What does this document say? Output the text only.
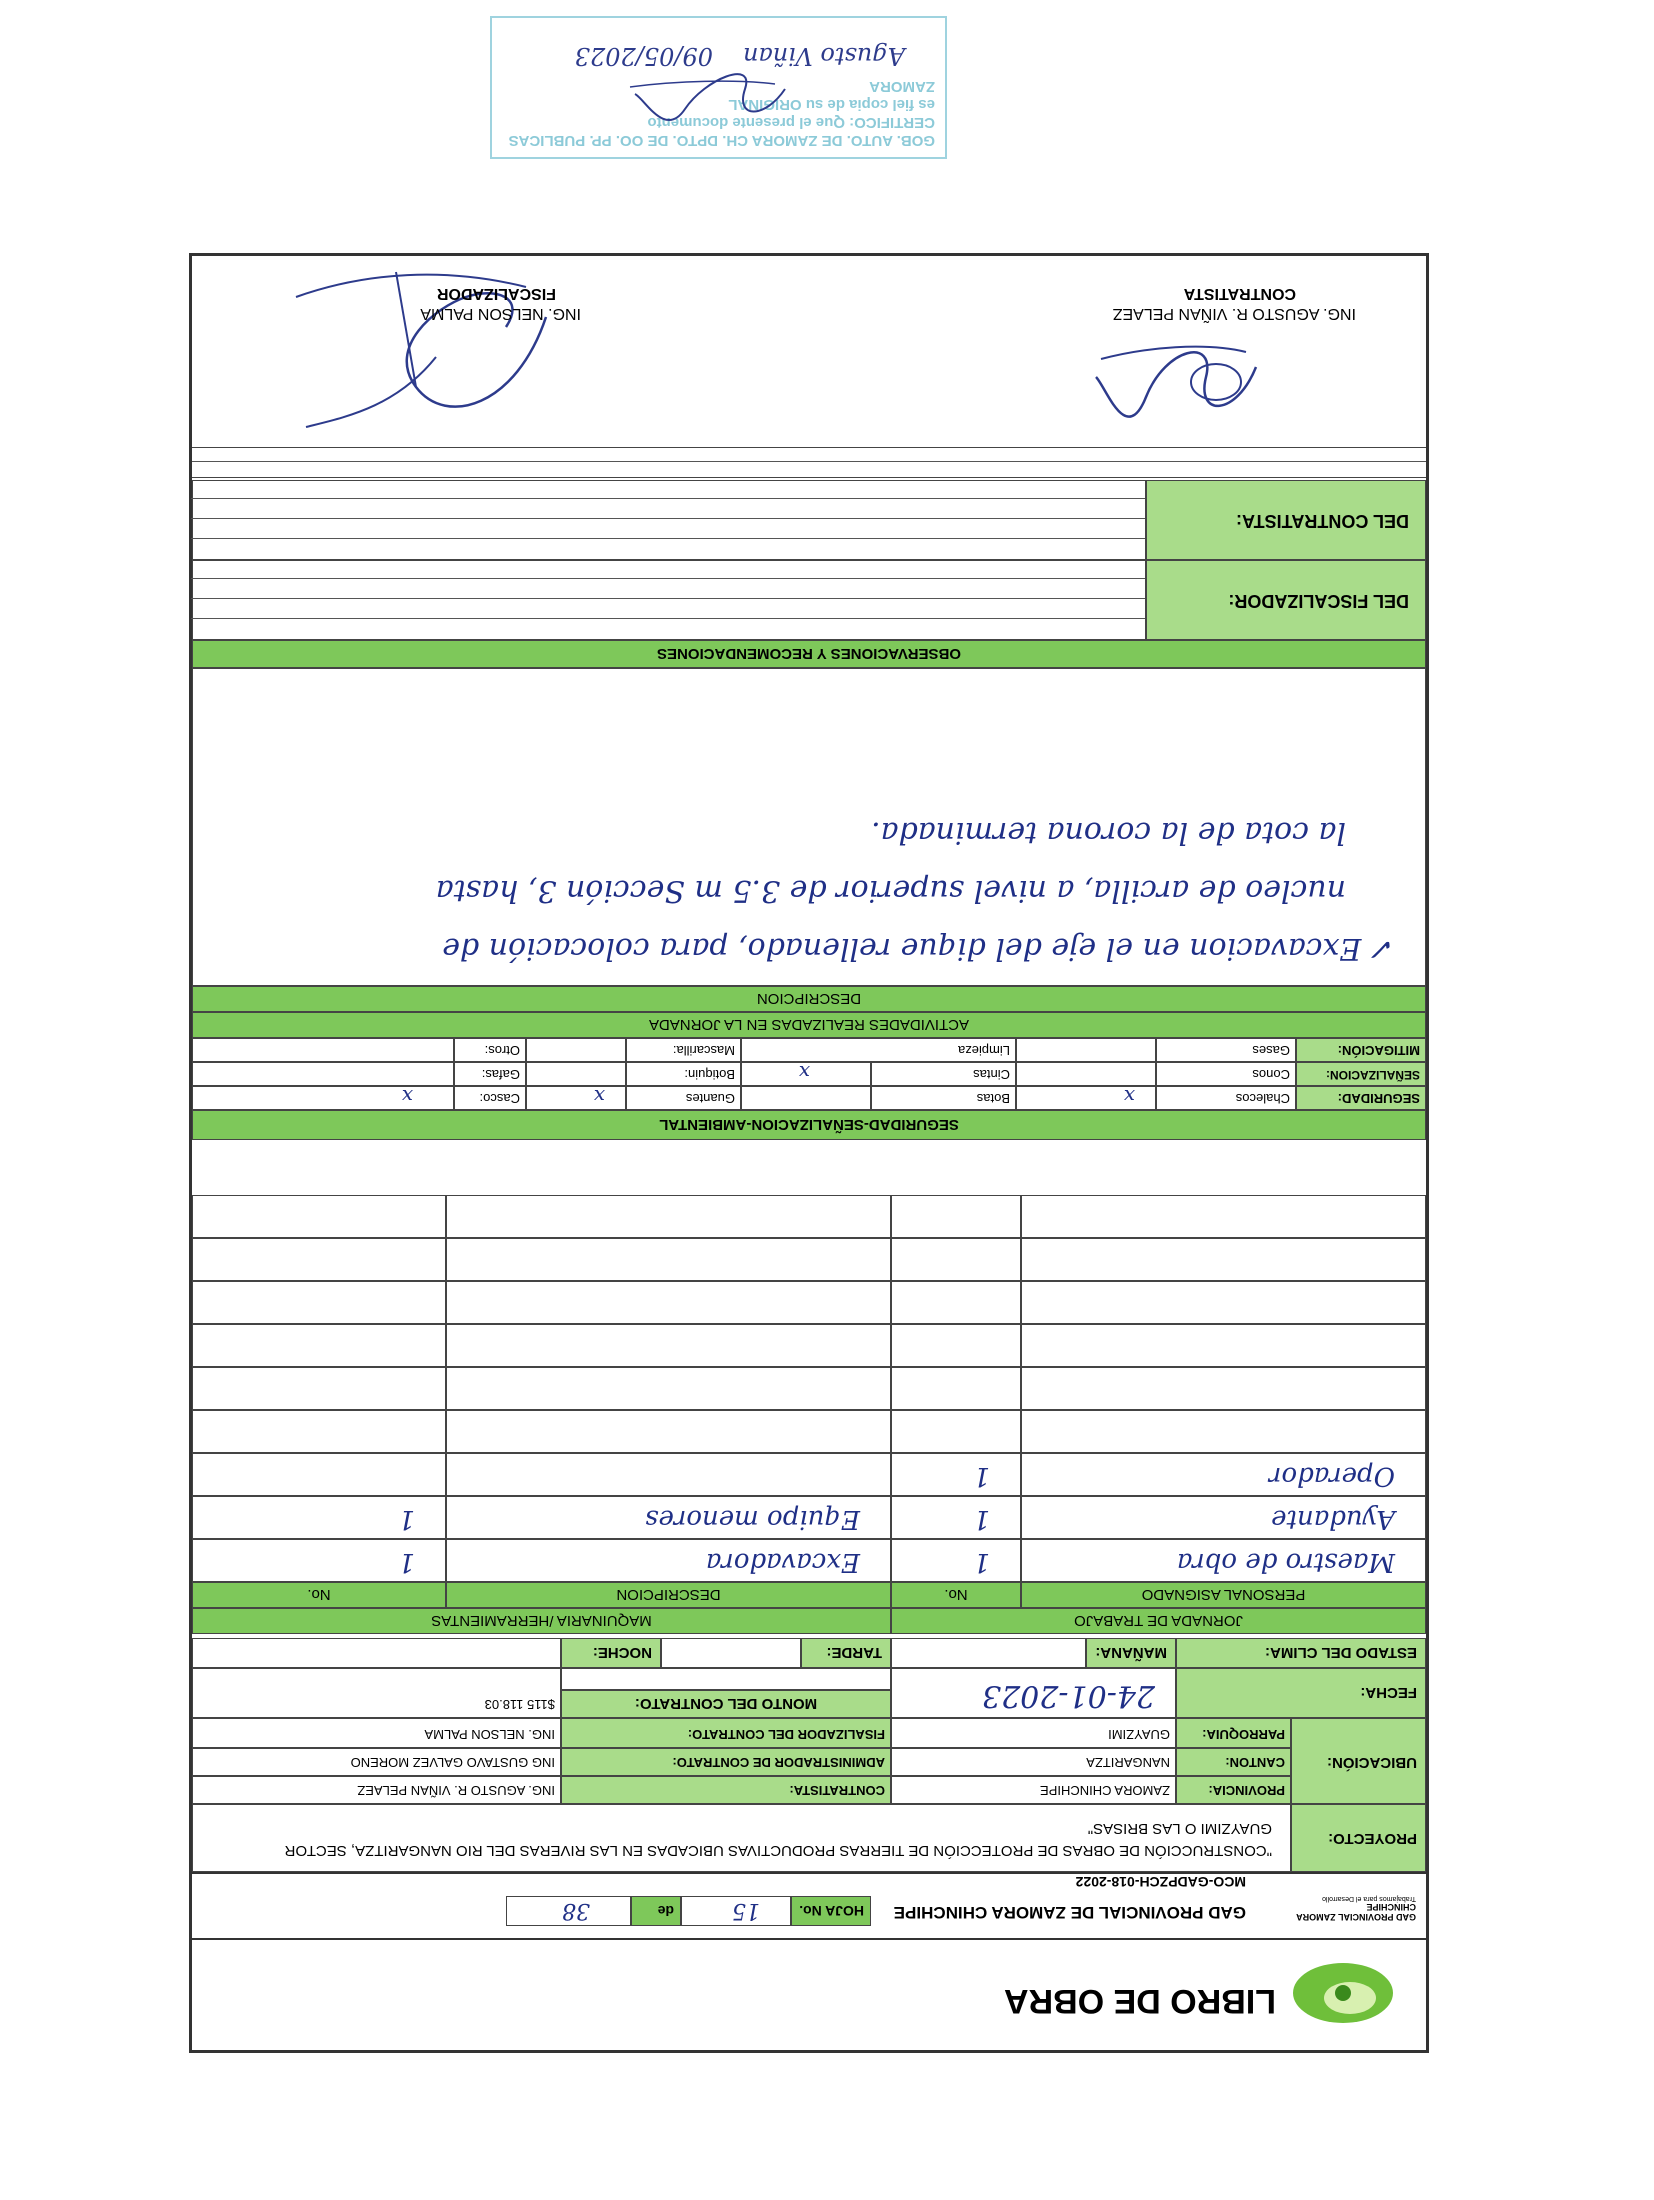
GOB. AUTO. DE ZAMORA CH. DPTO. DE OO. PP. PUBLICAS
CERTIFICO: Que el presente documento
es fiel copia de su ORIGINAL
ZAMORA
Agusto Viñan
09/05/2023
LIBRO DE OBRA
GAD PROVINCIAL ZAMORA CHINCHIPE
Trabajamos para el Desarrollo
GAD PROVINCIAL DE ZAMORA CHINCHIPE
MCO-GADPZCH-018-2022
HOJA No.
15
de
38
PROYECTO:
"CONSTRUCCIÓN DE OBRAS DE PROTECCIÓN DE TIERRAS PRODUCTIVAS UBICADAS EN LAS RIVERAS DEL RIO NANGARITZA, SECTOR GUAYZIMI O LAS BRISAS"
UBICACIÓN:
PROVINCIA:
ZAMORA CHINCHIPE
CANTON:
NANGARITZA
PARROQUIA:
GUAYZIMI
CONTRATISTA:
ING. AGUSTO R. VIÑAN PELAEZ
ADMINISTRADOR DE CONTRATO:
ING GUSTAVO GALVEZ MORENO
FISALIZADOR DEL CONTRATO:
ING. NELSON PALMA
FECHA:
24-01-2023
MONTO DEL CONTRATO:
$115 118.03
ESTADO DEL CLIMA:
MAÑANA:
TARDE:
NOCHE:
JORNADA DE TRABAJO
MAQUINARIA /HERRAMIENTAS
PERSONAL ASIGNADO
No.
DESCRIPCION
No.
Maestro de obra
1
Excavadora
1
Ayudante
1
Equipo menores
1
Operador
1
SEGURIDAD-SEÑALIZACION-AMBIENTAL
SEGURIDAD:
Chalecos
x
Botas
Guantes
x
Casco:
x
SEÑALIZACION:
Conos
Cintas
x
Botiquin:
Gafas:
MITIGACIÓN:
Gases
Limpieza
Mascarilla:
Otros:
ACTIVIDADES REALIZADAS EN LA JORNADA
DESCRIPCION
✓ Excavacion en el eje del dique rellenado, para colocación de
nucleo de arcilla, a nivel superior de 3.5 m Sección 3, hasta
la cota de la corona terminada.
OBSERVACIONES Y RECOMENDACIONES
DEL FISCALIZADOR:
DEL CONTRATISTA:
ING. AGUSTO R. VIÑAN PELAEZ
CONTRATISTA
ING. NELSON PALMA
FISCALIZADOR
